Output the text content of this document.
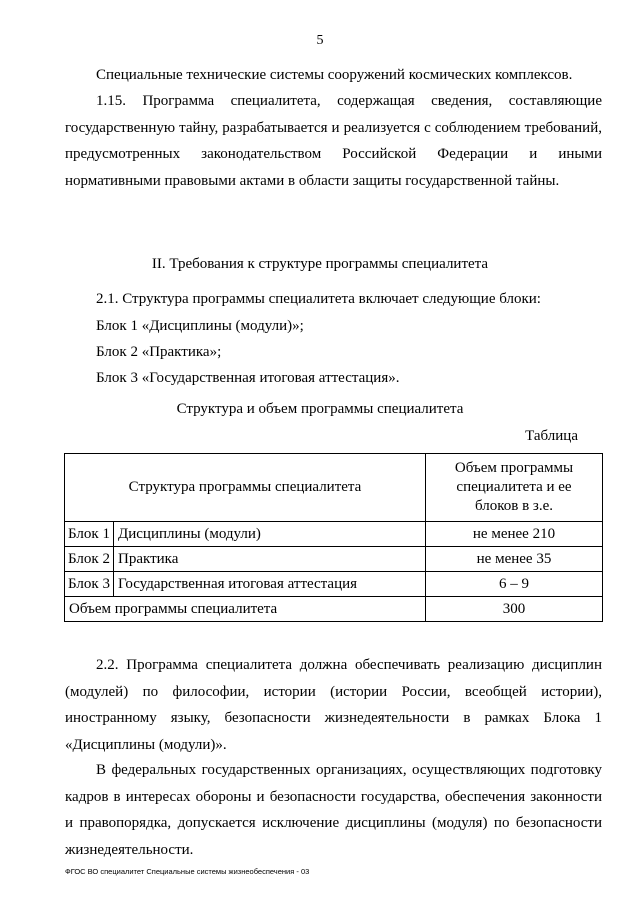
5

Специальные технические системы сооружений космических комплексов.

1.15. Программа специалитета, содержащая сведения, составляющие государственную тайну, разрабатывается и реализуется с соблюдением требований, предусмотренных законодательством Российской Федерации и иными нормативными правовыми актами в области защиты государственной тайны.

II. Требования к структуре программы специалитета

2.1. Структура программы специалитета включает следующие блоки:

Блок 1 «Дисциплины (модули)»;

Блок 2 «Практика»;

Блок 3 «Государственная итоговая аттестация».

Структура и объем программы специалитета

Таблица

Структура программы специалитета		Объем программы специалитета и ее блоков в з.е.
Блок 1	Дисциплины (модули)	не менее 210
Блок 2	Практика	не менее 35
Блок 3	Государственная итоговая аттестация	6 – 9
Объем программы специалитета		300

2.2. Программа специалитета должна обеспечивать реализацию дисциплин (модулей) по философии, истории (истории России, всеобщей истории), иностранному языку, безопасности жизнедеятельности в рамках Блока 1 «Дисциплины (модули)».

В федеральных государственных организациях, осуществляющих подготовку кадров в интересах обороны и безопасности государства, обеспечения законности и правопорядка, допускается исключение дисциплины (модуля) по безопасности жизнедеятельности.

ФГОС ВО специалитет Специальные системы жизнеобеспечения - 03
